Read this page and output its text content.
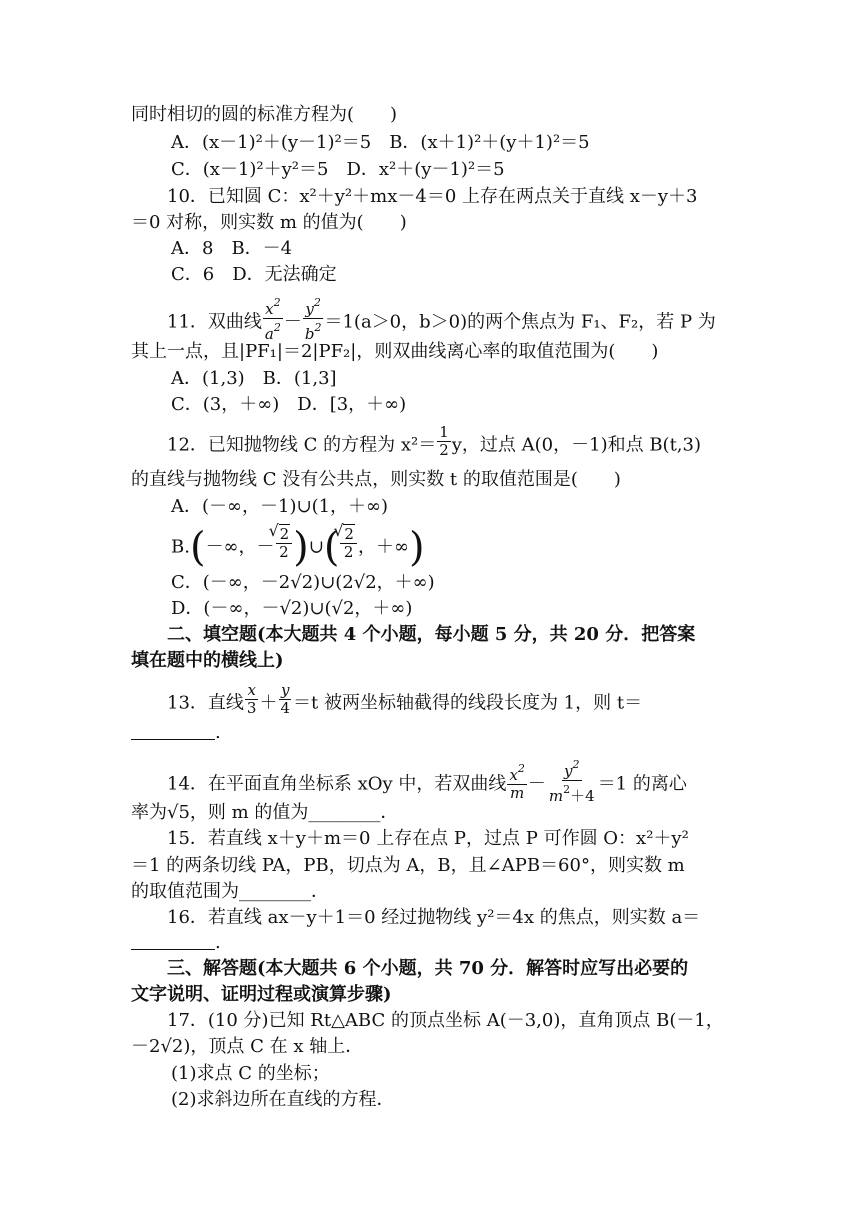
同时相切的圆的标准方程为(　　)
A．(x－1)²＋(y－1)²＝5　B．(x＋1)²＋(y＋1)²＝5
C．(x－1)²＋y²＝5　D．x²＋(y－1)²＝5
10．已知圆 C：x²＋y²＋mx－4＝0 上存在两点关于直线 x－y＋3
＝0 对称，则实数 m 的值为(　　)
A．8　B．－4
C．6　D．无法确定
11．双曲线 $\frac{x^2}{a^2} - \frac{y^2}{b^2} =1(a>0$，b＞0)的两个焦点为 F₁、F₂，若 P 为
其上一点，且|PF₁|＝2|PF₂|，则双曲线离心率的取值范围为(　　)
A．(1,3)　B．(1,3]
C．(3，＋∞)　D．[3，＋∞)
12．已知抛物线 C 的方程为 $x^2= \frac{1}{2}$ y，过点 A(0，－1)和点 B(t,3)
的直线与抛物线 C 没有公共点，则实数 t 的取值范围是(　　)
A．(－∞，－1)∪(1，＋∞)
B.(－∞，－ √ $\frac{2}{2}$ )∪( √ $\frac{2}{2}$ ，＋∞)
C．(－∞，－2√2)∪(2√2，＋∞)
D．(－∞，－√2)∪(√2，＋∞)
二、填空题(本大题共 4 个小题，每小题 5 分，共 20 分．把答案
填在题中的横线上)
13．直线 $\frac{x}{3} + \frac{y}{4} =t$ 被两坐标轴截得的线段长度为 1，则 t＝
.
14．在平面直角坐标系 xOy 中，若双曲线 $\frac{x^2}{m} - \frac{y^2}{m^2+4} =1$ 的离心
率为√5，则 m 的值为________．
15．若直线 x＋y＋m＝0 上存在点 P，过点 P 可作圆 O：x²＋y²
＝1 的两条切线 PA，PB，切点为 A，B，且∠APB＝60°，则实数 m
的取值范围为________．
16．若直线 ax－y＋1＝0 经过抛物线 y²＝4x 的焦点，则实数 a＝
.
三、解答题(本大题共 6 个小题，共 70 分．解答时应写出必要的
文字说明、证明过程或演算步骤)
17．(10 分)已知 Rt△ABC 的顶点坐标 A(－3,0)，直角顶点 B(－1，
－2√2)，顶点 C 在 x 轴上．
(1)求点 C 的坐标；
(2)求斜边所在直线的方程．
